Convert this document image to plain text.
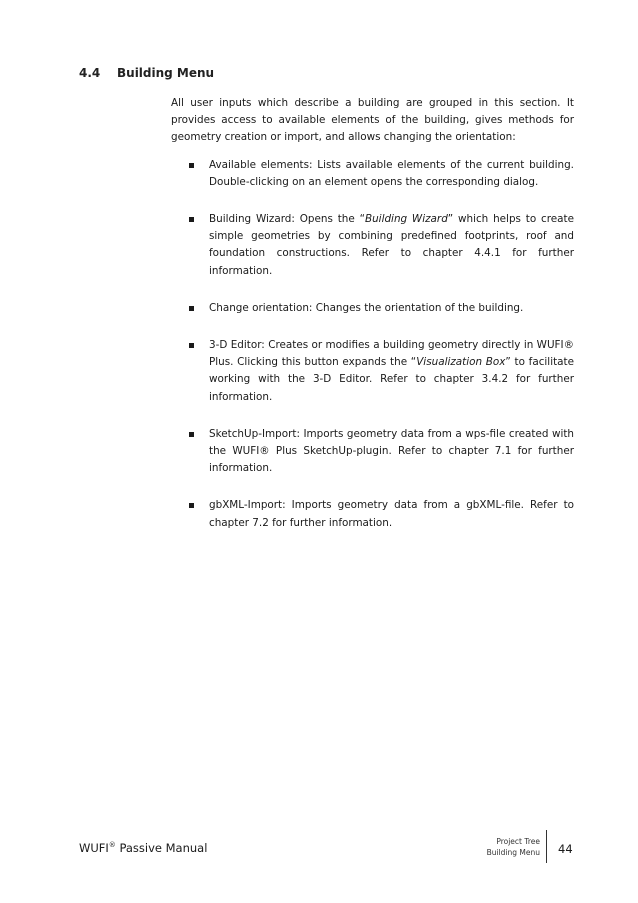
4.4 Building Menu

All user inputs which describe a building are grouped in this section. It provides access to available elements of the building, gives methods for geometry creation or import, and allows changing the orientation:

Available elements: Lists available elements of the current building. Double-clicking on an element opens the corresponding dialog.
Building Wizard: Opens the “Building Wizard” which helps to create simple geometries by combining predefined footprints, roof and foundation constructions. Refer to chapter 4.4.1 for further information.
Change orientation: Changes the orientation of the building.
3-D Editor: Creates or modifies a building geometry directly in WUFI® Plus. Clicking this button expands the “Visualization Box” to facilitate working with the 3-D Editor. Refer to chapter 3.4.2 for further information.
SketchUp-Import: Imports geometry data from a wps-file created with the WUFI® Plus SketchUp-plugin. Refer to chapter 7.1 for further information.
gbXML-Import: Imports geometry data from a gbXML-file. Refer to chapter 7.2 for further information.
WUFI® Passive Manual	Project Tree
Building Menu 44
